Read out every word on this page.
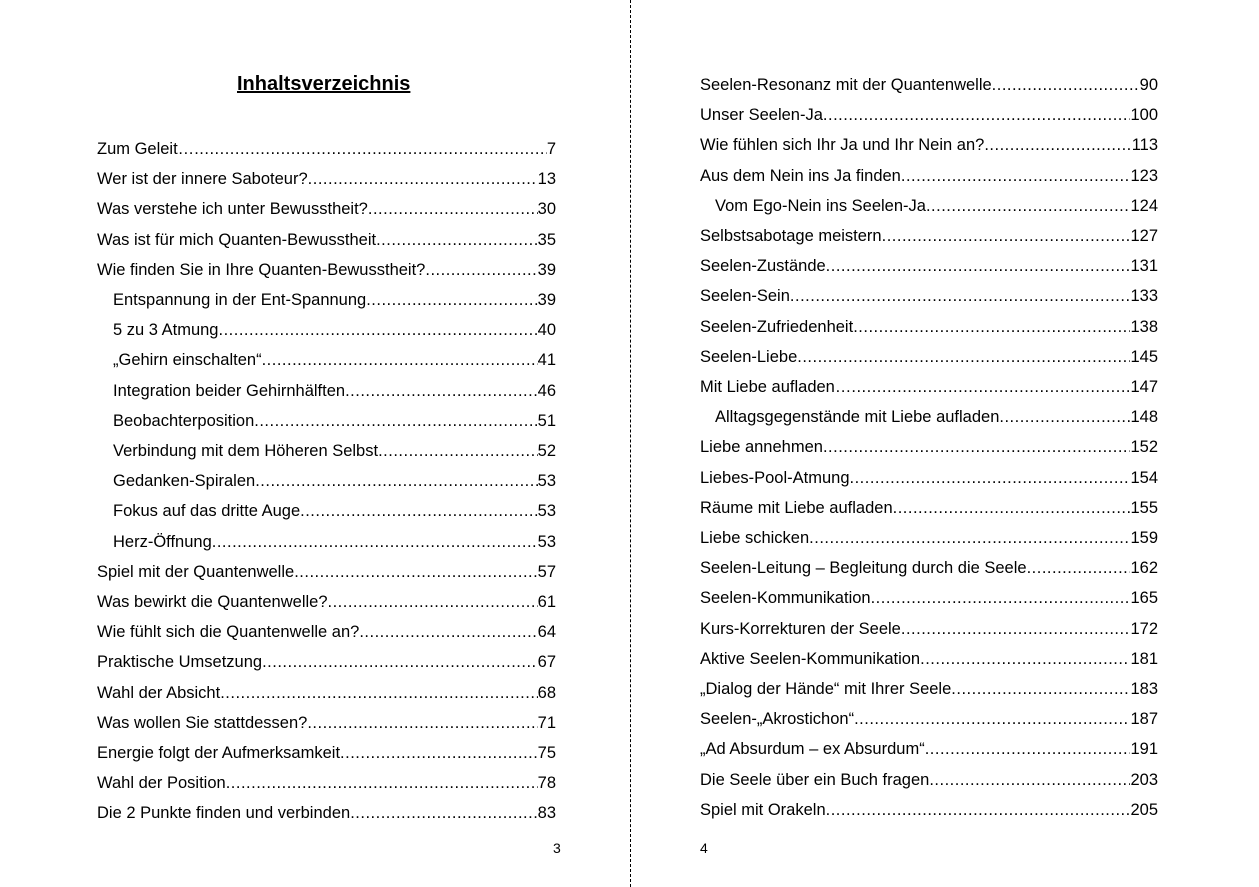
Inhaltsverzeichnis
Zum Geleit… .....	7
Wer ist der innere Saboteur? .....	13
Was verstehe ich unter Bewusstheit? .....	30
Was ist für mich Quanten-Bewusstheit .....	35
Wie finden Sie in Ihre Quanten-Bewusstheit? .....	39
Entspannung in der Ent-Spannung .....	39
5 zu 3 Atmung .....	40
„Gehirn einschalten“ .....	41
Integration beider Gehirnhälften .....	46
Beobachterposition .....	51
Verbindung mit dem Höheren Selbst .....	52
Gedanken-Spiralen .....	53
Fokus auf das dritte Auge .....	53
Herz-Öffnung .....	53
Spiel mit der Quantenwelle .....	57
Was bewirkt die Quantenwelle? .....	61
Wie fühlt sich die Quantenwelle an? .....	64
Praktische Umsetzung .....	67
Wahl der Absicht .....	68
Was wollen Sie stattdessen? .....	71
Energie folgt der Aufmerksamkeit .....	75
Wahl der Position .....	78
Die 2 Punkte finden und verbinden .....	83
Seelen-Resonanz mit der Quantenwelle .....	90
Unser Seelen-Ja .....	100
Wie fühlen sich Ihr Ja und Ihr Nein an? .....	113
Aus dem Nein ins Ja finden .....	123
Vom Ego-Nein ins Seelen-Ja .....	124
Selbstsabotage meistern .....	127
Seelen-Zustände .....	131
Seelen-Sein .....	133
Seelen-Zufriedenheit .....	138
Seelen-Liebe .....	145
Mit Liebe aufladen… .....	147
Alltagsgegenstände mit Liebe aufladen .....	148
Liebe annehmen .....	152
Liebes-Pool-Atmung .....	154
Räume mit Liebe aufladen .....	155
Liebe schicken .....	159
Seelen-Leitung – Begleitung durch die Seele .....	162
Seelen-Kommunikation .....	165
Kurs-Korrekturen der Seele .....	172
Aktive Seelen-Kommunikation .....	181
„Dialog der Hände“ mit Ihrer Seele .....	183
Seelen-„Akrostichon“ .....	187
„Ad Absurdum – ex Absurdum“ .....	191
Die Seele über ein Buch fragen .....	203
Spiel mit Orakeln .....	205
3	4
